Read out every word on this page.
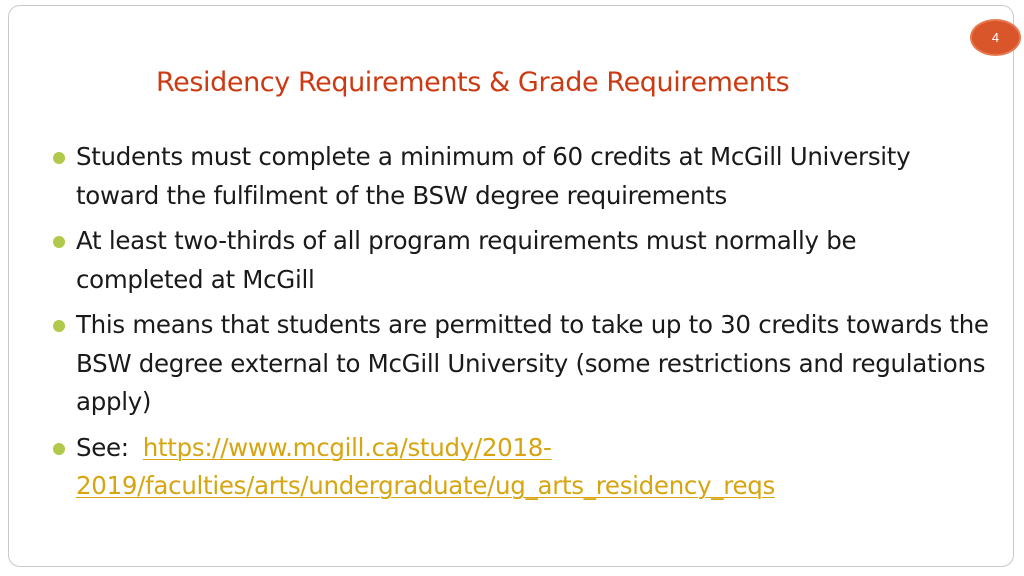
4
Residency Requirements & Grade Requirements
Students must complete a minimum of 60 credits at McGill University toward the fulfilment of the BSW degree requirements
At least two-thirds of all program requirements must normally be completed at McGill
This means that students are permitted to take up to 30 credits towards the BSW degree external to McGill University (some restrictions and regulations apply)
See: https://www.mcgill.ca/study/2018-
2019/faculties/arts/undergraduate/ug_arts_residency_reqs
